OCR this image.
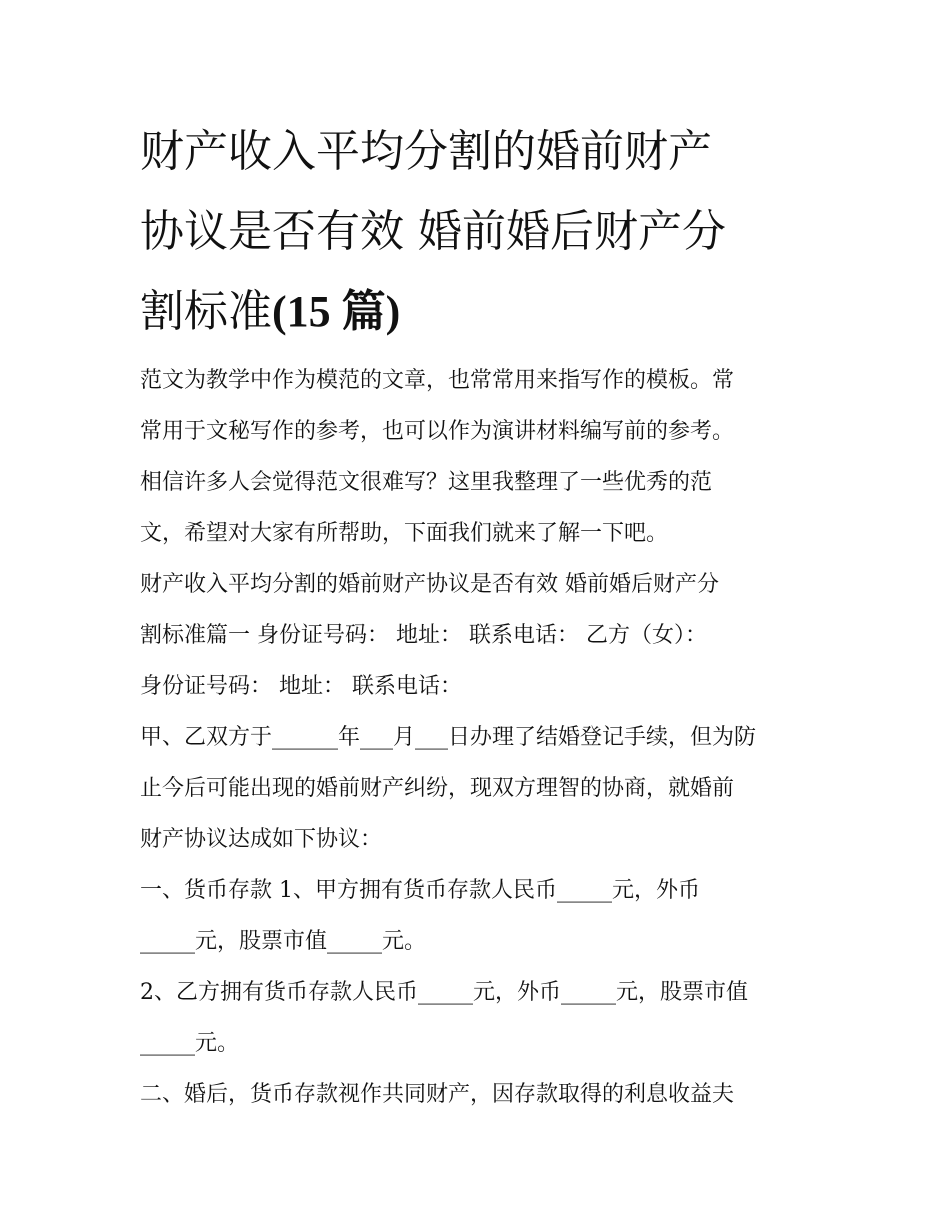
财产收入平均分割的婚前财产
协议是否有效 婚前婚后财产分
割标准(15 篇)
范文为教学中作为模范的文章，也常常用来指写作的模板。常
常用于文秘写作的参考，也可以作为演讲材料编写前的参考。
相信许多人会觉得范文很难写？这里我整理了一些优秀的范
文，希望对大家有所帮助，下面我们就来了解一下吧。
财产收入平均分割的婚前财产协议是否有效 婚前婚后财产分
割标准篇一 身份证号码： 地址： 联系电话： 乙方（女）：
身份证号码： 地址： 联系电话：
甲、乙双方于______年___月___日办理了结婚登记手续，但为防
止今后可能出现的婚前财产纠纷，现双方理智的协商，就婚前
财产协议达成如下协议：
一、货币存款 1、甲方拥有货币存款人民币_____元，外币
_____元，股票市值_____元。
2、乙方拥有货币存款人民币_____元，外币_____元，股票市值
_____元。
二、婚后，货币存款视作共同财产，因存款取得的利息收益夫
